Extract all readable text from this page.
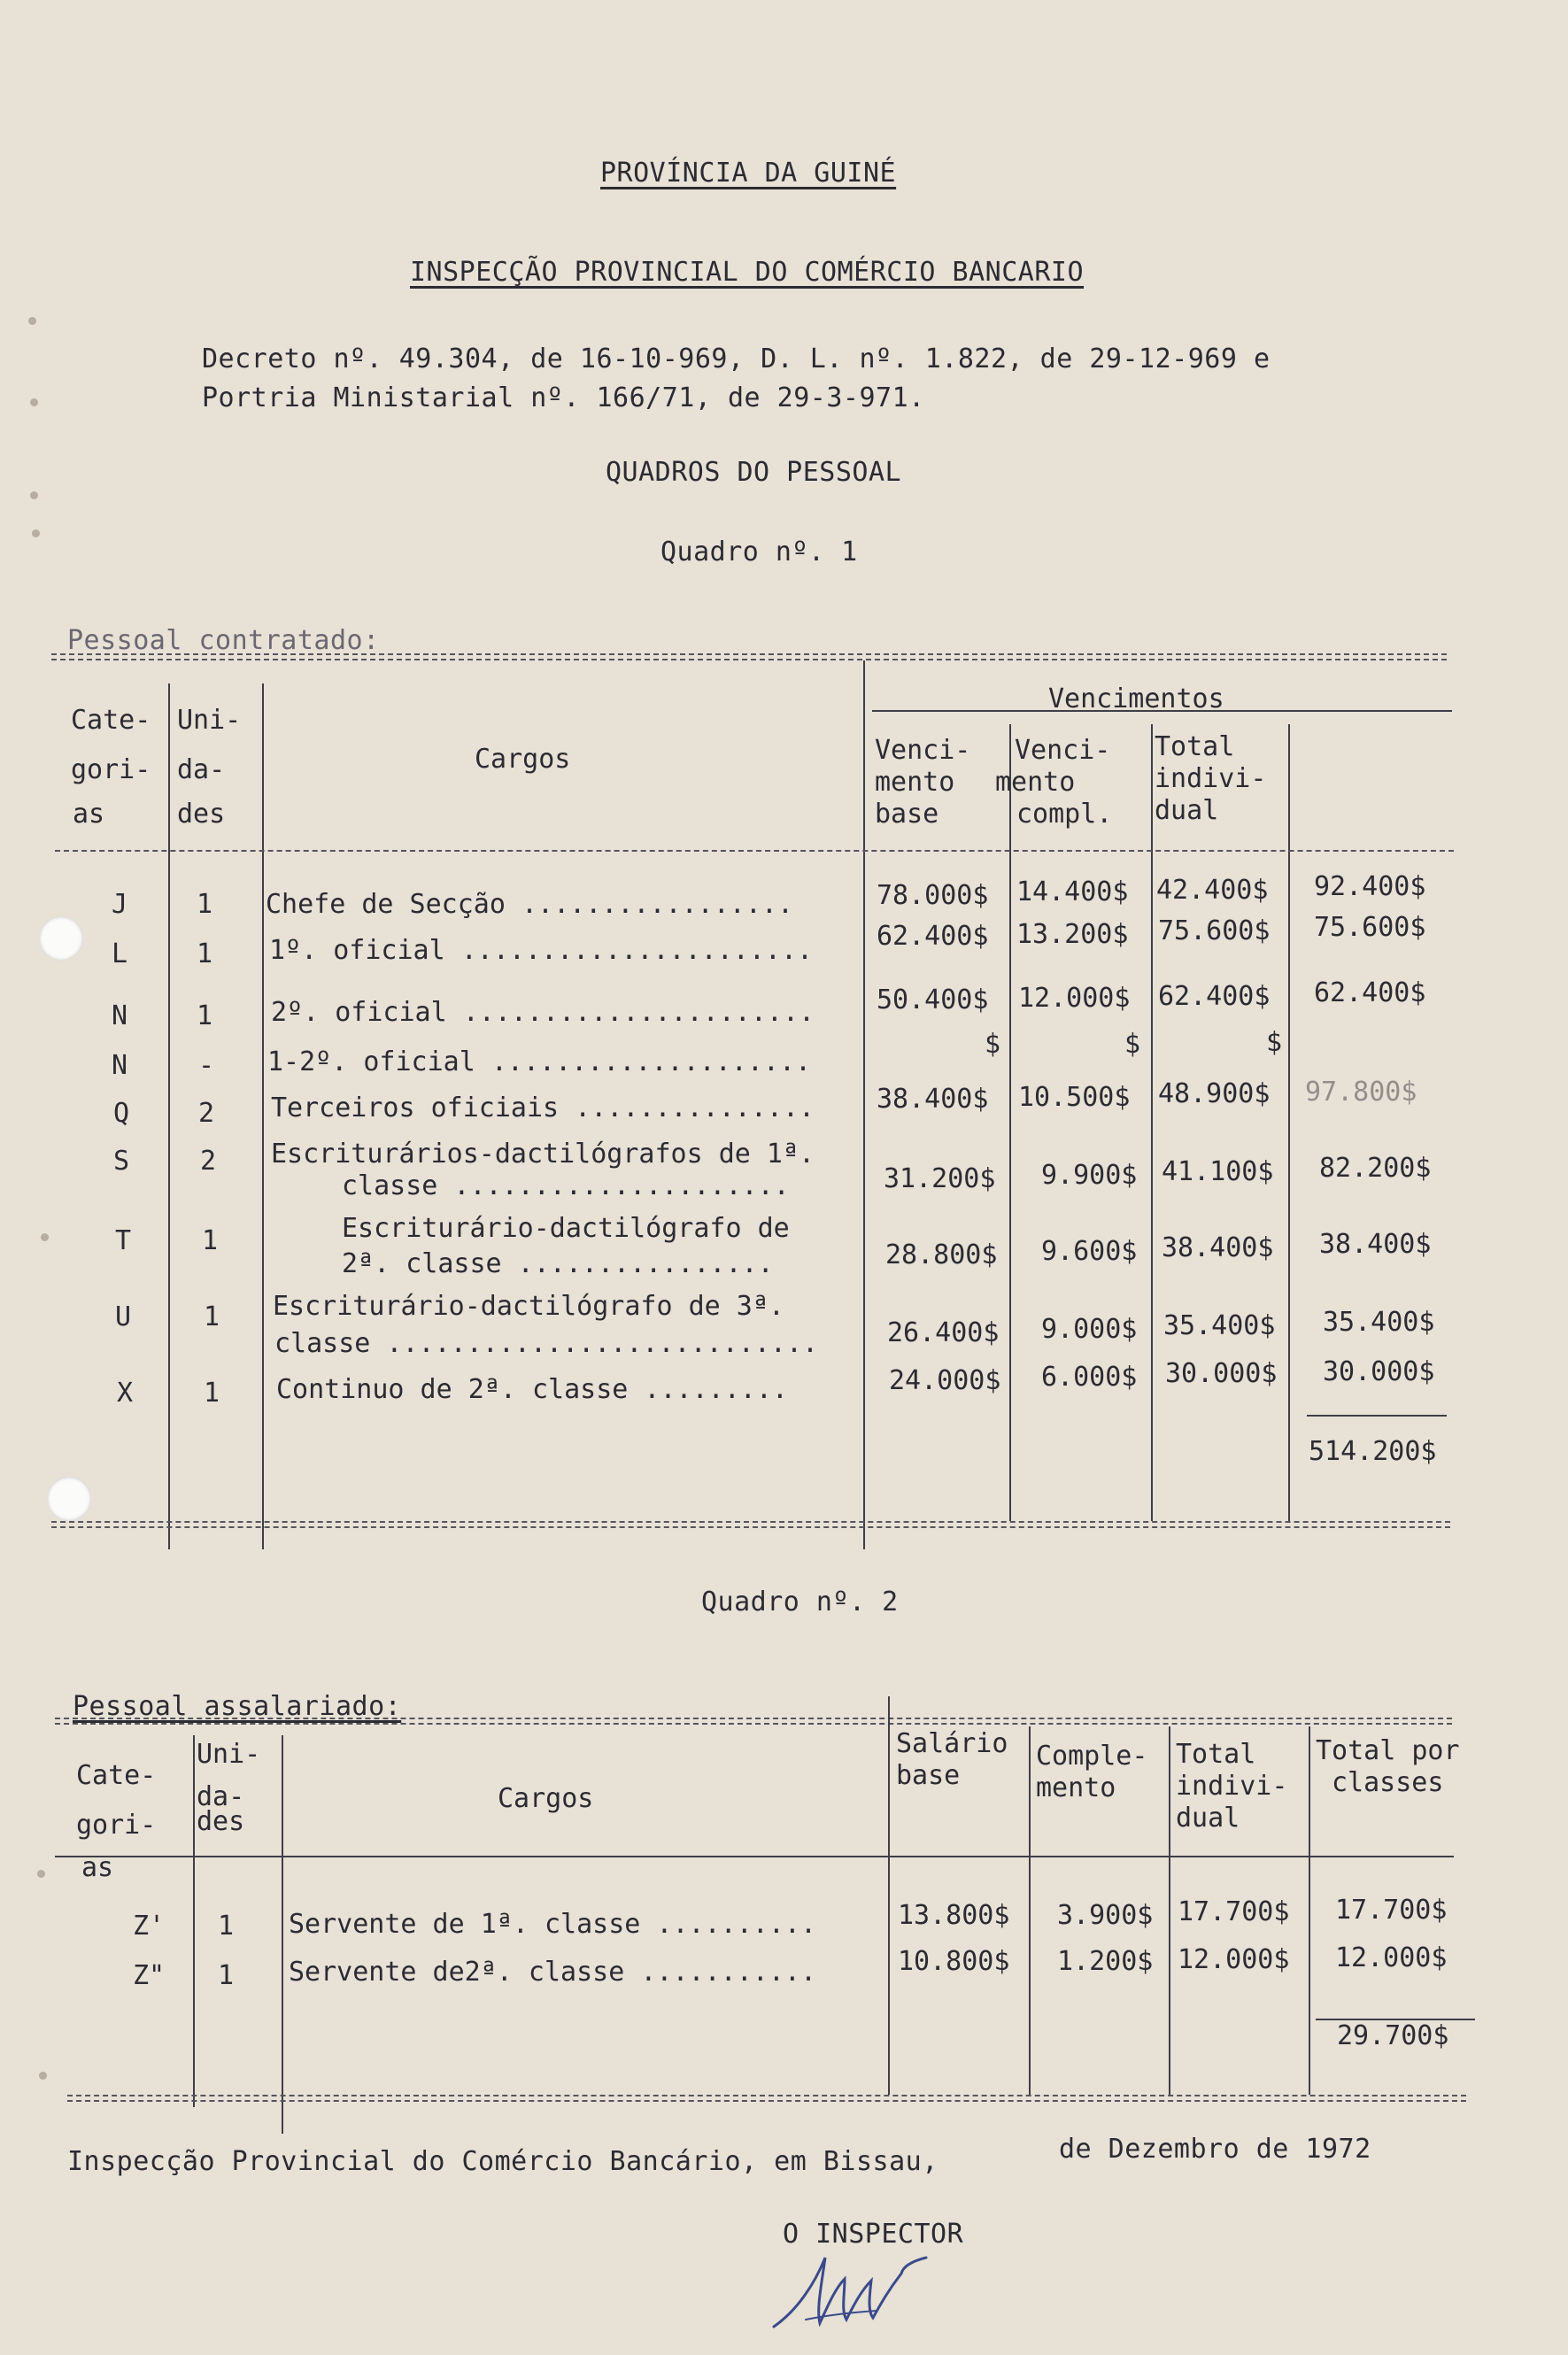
PROVÍNCIA DA GUINÉ
INSPECÇÃO PROVINCIAL DO COMÉRCIO BANCARIO
Decreto nº. 49.304, de 16-10-969, D. L. nº. 1.822, de 29-12-969 e
Portria Ministarial nº. 166/71, de 29-3-971.
QUADROS DO PESSOAL
Quadro nº. 1
Pessoal contratado:
Cate-
gori-
as
Uni-
da-
des
Cargos
Vencimentos
Venci-
mento
base
Venci-
mento
compl.
Total
indivi-
dual
J	1 Chefe de Secção .................	78.000$ 14.400$ 42.400$ 92.400$
L	1 1º. oficial ...................... 62.400$ 13.200$ 75.600$ 75.600$
N	1 2º. oficial ...................... 50.400$ 12.000$ 62.400$ 62.400$
N	- 1-2º. oficial ....................
$	$	$
Q	2 Terceiros oficiais ............... 38.400$ 10.500$ 48.900$ 97.800$
S	2 Escriturários-dactilógrafos de 1ª.
classe .....................	31.200$ 9.900$ 41.100$ 82.200$
T	1	Escriturário-dactilógrafo de
2ª. classe ................	28.800$ 9.600$ 38.400$ 38.400$
U	1 Escriturário-dactilógrafo de 3ª.
classe ...........................	26.400$ 9.000$ 35.400$ 35.400$
X	1 Continuo de 2ª. classe .........	24.000$ 6.000$ 30.000$ 30.000$
514.200$
Quadro nº. 2
Pessoal assalariado:
Cate-
gori-
as
Uni-
da-
des
Cargos
Salário
base
Comple-
mento
Total
indivi-
dual
Total por
classes
Z' 1 Servente de 1ª. classe ..........	13.800$ 3.900$ 17.700$ 17.700$
Z" 1 Servente de2ª. classe ...........	10.800$ 1.200$ 12.000$ 12.000$
29.700$
Inspecção Provincial do Comércio Bancário, em Bissau,	de Dezembro de 1972
O INSPECTOR
